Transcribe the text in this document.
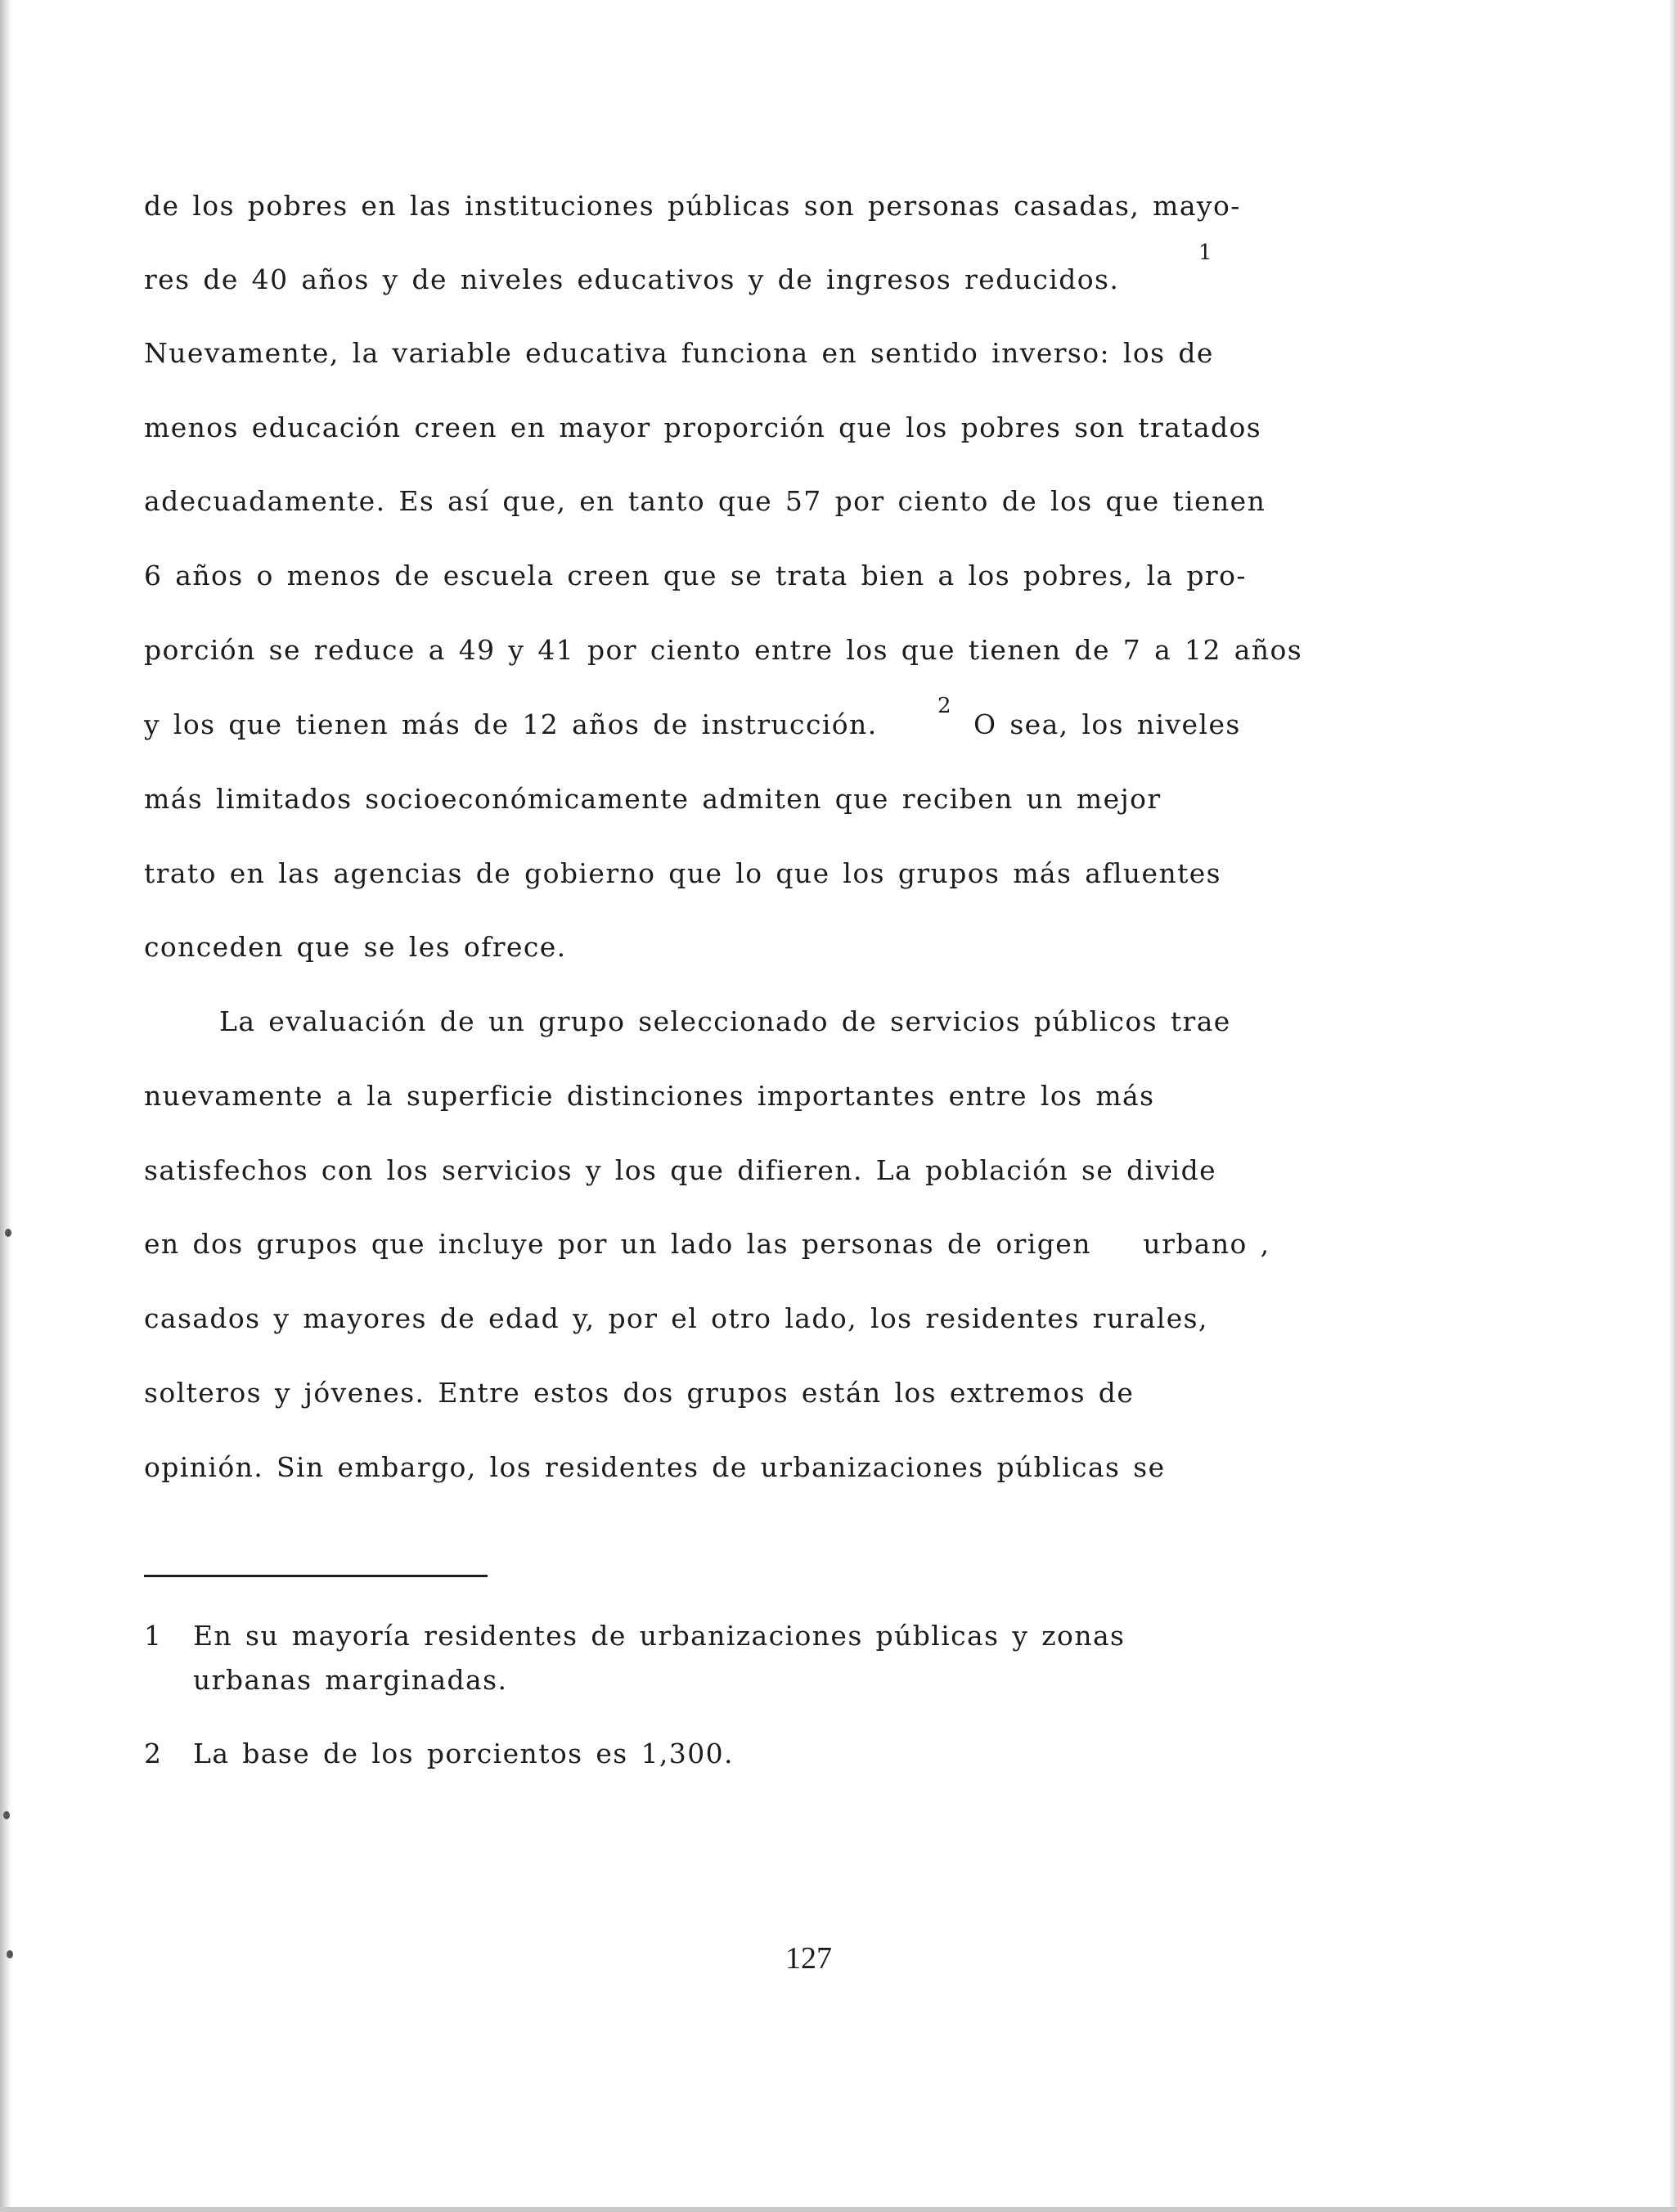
de los pobres en las instituciones públicas son personas casadas, mayo-
res de 40 años y de niveles educativos y de ingresos reducidos.
1
Nuevamente, la variable educativa funciona en sentido inverso: los de
menos educación creen en mayor proporción que los pobres son tratados
adecuadamente. Es así que, en tanto que 57 por ciento de los que tienen
6 años o menos de escuela creen que se trata bien a los pobres, la pro-
porción se reduce a 49 y 41 por ciento entre los que tienen de 7 a 12 años
y los que tienen más de 12 años de instrucción.
2
O sea, los niveles
más limitados socioeconómicamente admiten que reciben un mejor
trato en las agencias de gobierno que lo que los grupos más afluentes
conceden que se les ofrece.
La evaluación de un grupo seleccionado de servicios públicos trae
nuevamente a la superficie distinciones importantes entre los más
satisfechos con los servicios y los que difieren. La población se divide
en dos grupos que incluye por un lado las personas de origen    urbano ,
casados y mayores de edad y, por el otro lado, los residentes rurales,
solteros y jóvenes. Entre estos dos grupos están los extremos de
opinión. Sin embargo, los residentes de urbanizaciones públicas se
1 En su mayoría residentes de urbanizaciones públicas y zonas
urbanas marginadas.
2 La base de los porcientos es 1,300.
127
